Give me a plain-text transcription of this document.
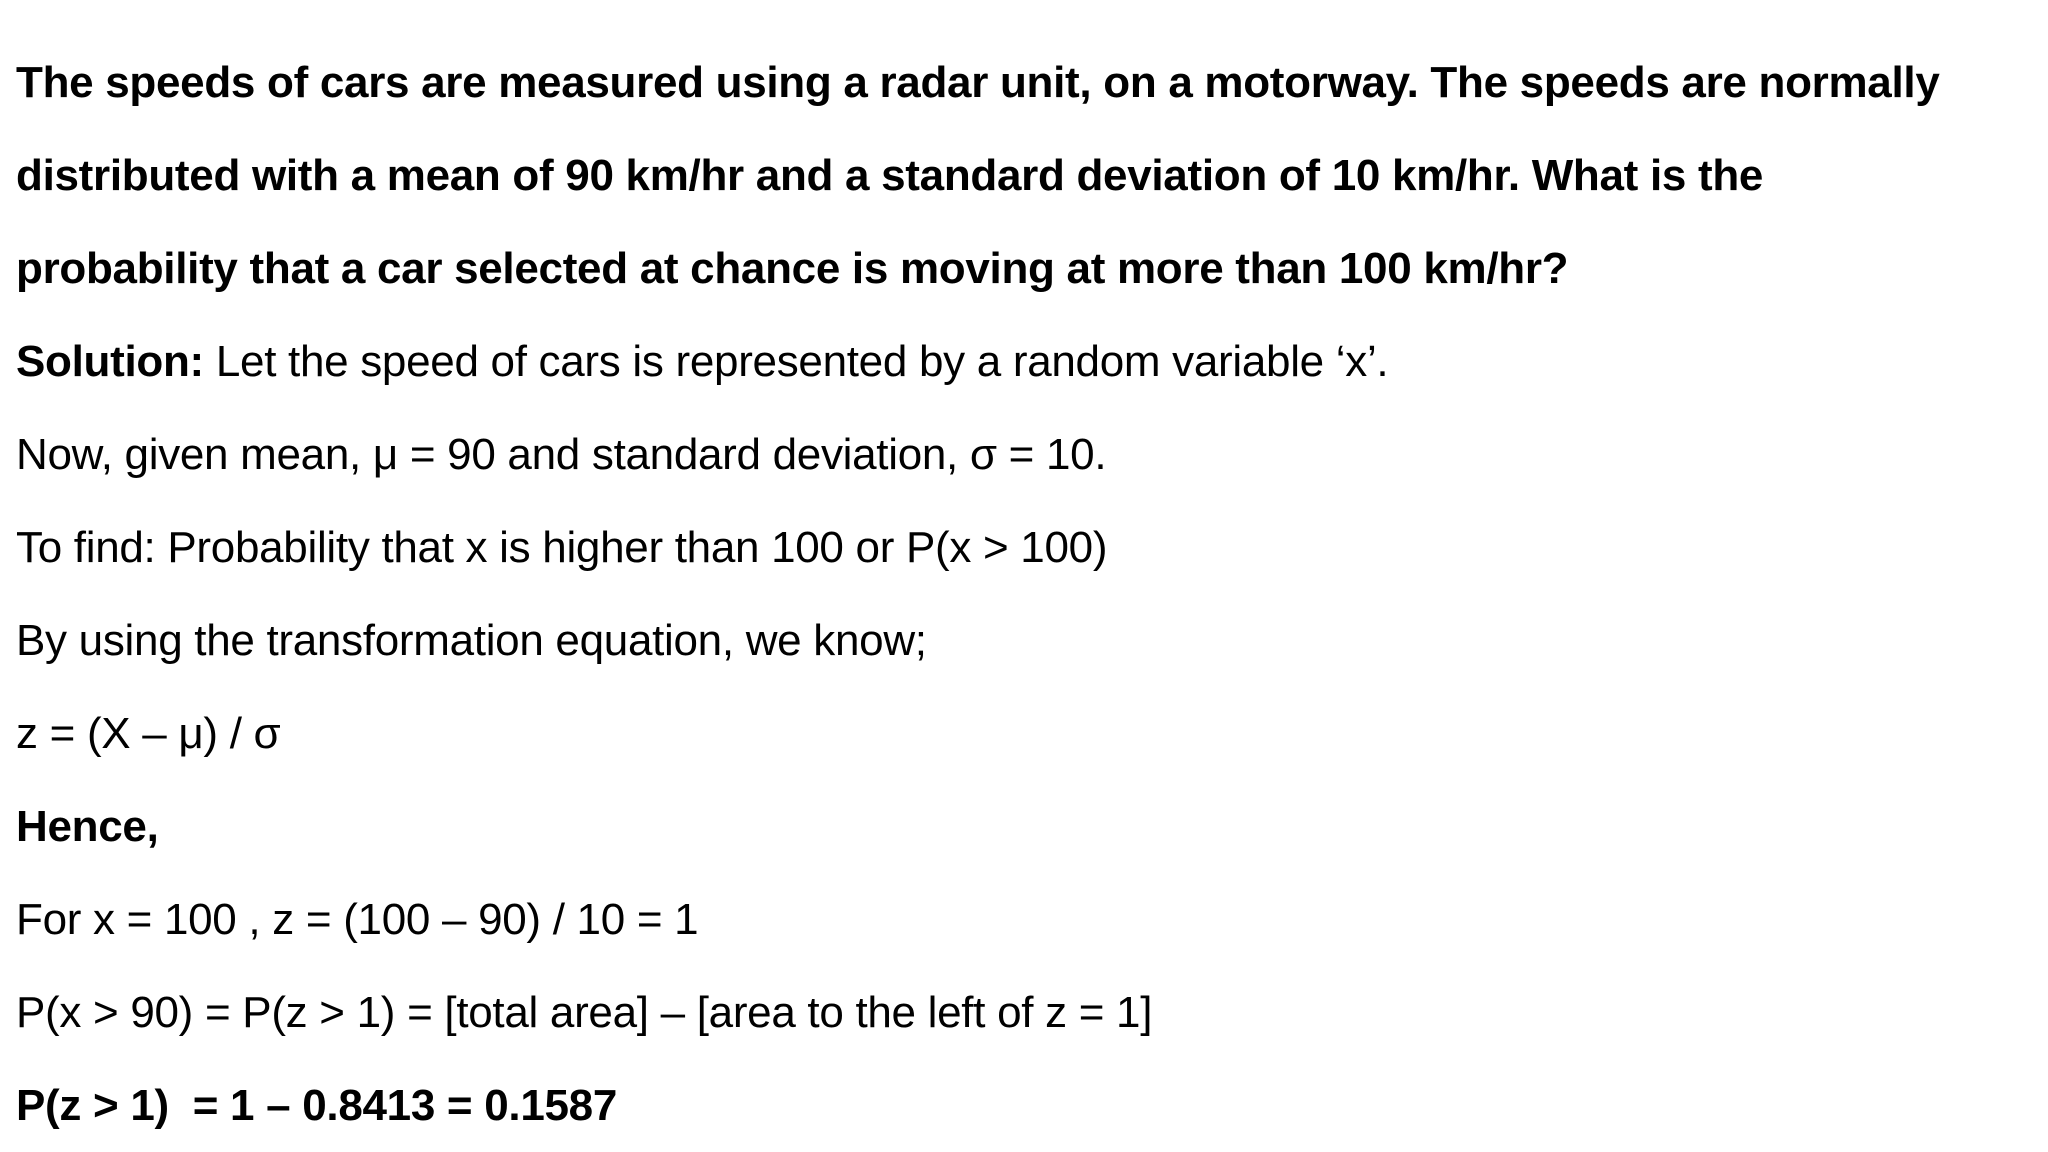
The speeds of cars are measured using a radar unit, on a motorway. The speeds are normally
distributed with a mean of 90 km/hr and a standard deviation of 10 km/hr. What is the
probability that a car selected at chance is moving at more than 100 km/hr?
Solution: Let the speed of cars is represented by a random variable ‘x’.
Now, given mean, μ = 90 and standard deviation, σ = 10.
To find: Probability that x is higher than 100 or P(x > 100)
By using the transformation equation, we know;
z = (X – μ) / σ
Hence,
For x = 100 , z = (100 – 90) / 10 = 1
P(x > 90) = P(z > 1) = [total area] – [area to the left of z = 1]
P(z > 1)  = 1 – 0.8413 = 0.1587
